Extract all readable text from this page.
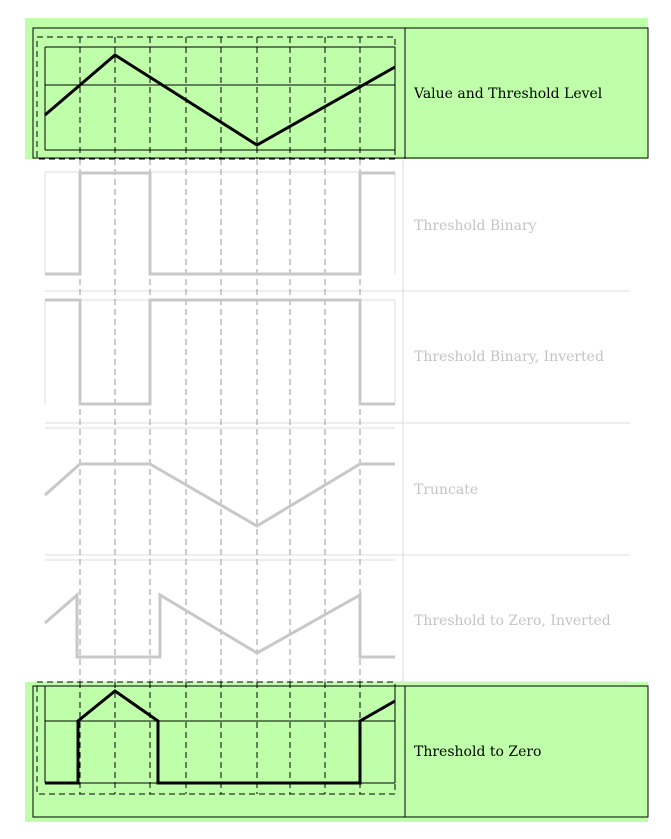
Value and Threshold Level
Threshold Binary
Threshold Binary, Inverted
Truncate
Threshold to Zero, Inverted
Threshold to Zero
